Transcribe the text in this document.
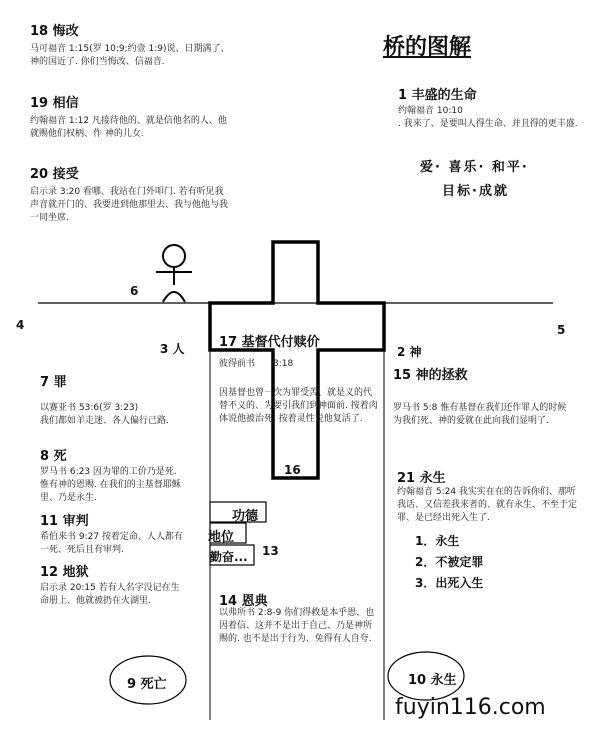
桥的图解
18 悔改
马可福音 1:15(罗 10:9;约壹 1:9)说、日期满了、　　　神的国近了. 你们当悔改、信福音.
19 相信
约翰福音 1:12 凡接待他的、就是信他名的人、他就赐他们权柄、作 神的儿女.
20 接受
启示录 3:20 看哪、我站在门外叩门. 若有听见我声音就开门的、我要进到他那里去、我与他他与我一同坐席.
1 丰盛的生命
约翰福音 10:10
. 我来了、是要叫人得生命、并且得的更丰盛.
爱· 喜乐· 和平·
目标·成就
6
4	5
3 人	2 神
16
13
17 基督代付赎价
彼得前书　　3:18
因基督也曾一次为罪受苦、就是义的代替不义的、为要引我们到神面前. 按着肉体说他被治死. 按着灵性说他复活了.
7 罪
以赛亚书 53:6(罗 3:23)
我们都如羊走迷、各人偏行己路.
8 死
罗马书 6:23 因为罪的工价乃是死. 惟有神的恩赐. 在我们的主基督耶稣里、乃是永生.
11 审判
希伯来书 9:27 按着定命、人人都有一死、死后且有审判.
12 地狱
启示录 20:15 若有人名字没记在生命册上、他就被扔在火湖里.
15 神的拯救
罗马书 5:8 惟有基督在我们还作罪人的时候为我们死、神的爱就在此向我们显明了.
21 永生
约翰福音 5:24 我实实在在的告诉你们、那听我话、又信差我来者的、就有永生、不至于定罪、是已经出死入生了.
1．永生
2．不被定罪
3．出死入生
功德
地位
勤奋...
14 恩典
以弗所书 2:8-9 你们得救是本乎恩、也因着信、这并不是出于自己、乃是神所赐的. 也不是出于行为、免得有人自夸.
9 死亡	10 永生
fuyin116.com
